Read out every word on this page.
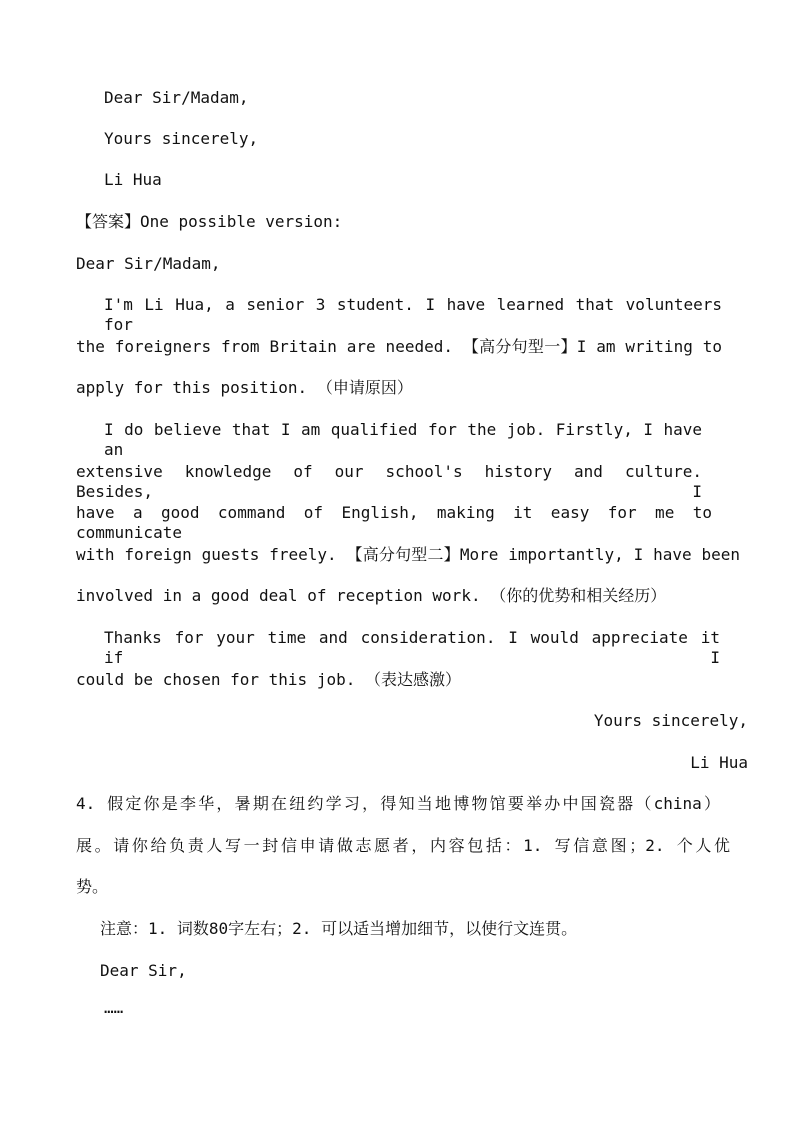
Dear Sir/Madam,
Yours sincerely,
Li Hua
【答案】One possible version:
Dear Sir/Madam,
I'm Li Hua, a senior 3 student. I have learned that volunteers for
the foreigners from Britain are needed. 【高分句型一】I am writing to
apply for this position. （申请原因）
I do believe that I am qualified for the job. Firstly, I have an
extensive knowledge of our school's history and culture. Besides, I
have a good command of English, making it easy for me to communicate
with foreign guests freely. 【高分句型二】More importantly, I have been
involved in a good deal of reception work. （你的优势和相关经历）
Thanks for your time and consideration. I would appreciate it if I
could be chosen for this job. （表达感激）
Yours sincerely,
Li Hua
4. 假定你是李华，暑期在纽约学习，得知当地博物馆要举办中国瓷器（china）
展。请你给负责人写一封信申请做志愿者，内容包括：1. 写信意图；2. 个人优
势。
注意：1. 词数80字左右；2. 可以适当增加细节，以使行文连贯。
Dear Sir,
……
